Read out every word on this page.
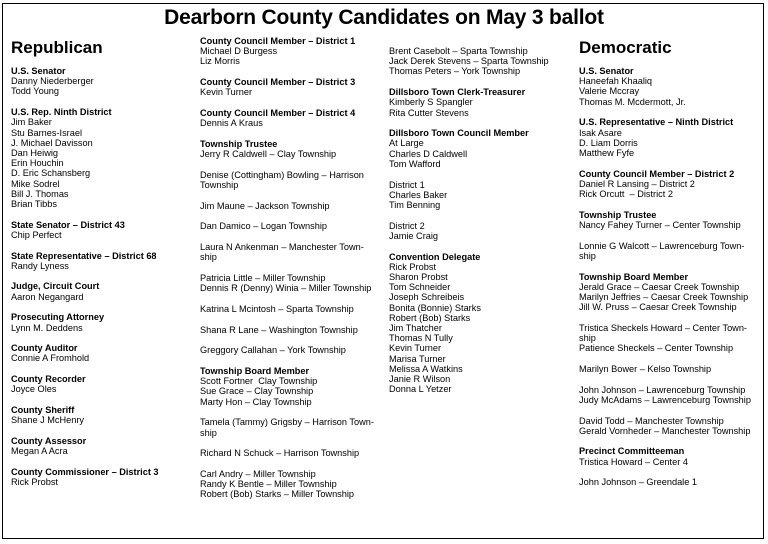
Dearborn County Candidates on May 3 ballot
Republican
U.S. Senator
Danny Niederberger
Todd Young
U.S. Rep. Ninth District
Jim Baker
Stu Barnes-Israel
J. Michael Davisson
Dan Heiwig
Erin Houchin
D. Eric Schansberg
Mike Sodrel
Bill J. Thomas
Brian Tibbs
State Senator – District 43
Chip Perfect
State Representative – District 68
Randy Lyness
Judge, Circuit Court
Aaron Negangard
Prosecuting Attorney
Lynn M. Deddens
County Auditor
Connie A Fromhold
County Recorder
Joyce Oles
County Sheriff
Shane J McHenry
County Assessor
Megan A Acra
County Commissioner – District 3
Rick Probst
County Council Member – District 1
Michael D Burgess
Liz Morris
County Council Member – District 3
Kevin Turner
County Council Member – District 4
Dennis A Kraus
Township Trustee
Jerry R Caldwell – Clay Township
Denise (Cottingham) Bowling – Harrison
Township
Jim Maune – Jackson Township
Dan Damico – Logan Township
Laura N Ankenman – Manchester Town-
ship
Patricia Little – Miller Township
Dennis R (Denny) Winia – Miller Township
Katrina L Mcintosh – Sparta Township
Shana R Lane – Washington Township
Greggory Callahan – York Township
Township Board Member
Scott Fortner  Clay Township
Sue Grace – Clay Township
Marty Hon – Clay Township
Tamela (Tammy) Grigsby – Harrison Town-
ship
Richard N Schuck – Harrison Township
Carl Andry – Miller Township
Randy K Bentle – Miller Township
Robert (Bob) Starks – Miller Township
Brent Casebolt – Sparta Township
Jack Derek Stevens – Sparta Township
Thomas Peters – York Township
Dillsboro Town Clerk-Treasurer
Kimberly S Spangler
Rita Cutter Stevens
Dillsboro Town Council Member
At Large
Charles D Caldwell
Tom Wafford
District 1
Charles Baker
Tim Benning
District 2
Jamie Craig
Convention Delegate
Rick Probst
Sharon Probst
Tom Schneider
Joseph Schreibeis
Bonita (Bonnie) Starks
Robert (Bob) Starks
Jim Thatcher
Thomas N Tully
Kevin Turner
Marisa Turner
Melissa A Watkins
Janie R Wilson
Donna L Yetzer
Democratic
U.S. Senator
Haneefah Khaaliq
Valerie Mccray
Thomas M. Mcdermott, Jr.
U.S. Representative – Ninth District
Isak Asare
D. Liam Dorris
Matthew Fyfe
County Council Member – District 2
Daniel R Lansing – District 2
Rick Orcutt  – District 2
Township Trustee
Nancy Fahey Turner – Center Township
Lonnie G Walcott – Lawrenceburg Town-
ship
Township Board Member
Jerald Grace – Caesar Creek Township
Marilyn Jeffries – Caesar Creek Township
Jill W. Pruss – Caesar Creek Township
Tristica Sheckels Howard – Center Town-
ship
Patience Sheckels – Center Township
Marilyn Bower – Kelso Township
John Johnson – Lawrenceburg Township
Judy McAdams – Lawrenceburg Township
David Todd – Manchester Township
Gerald Vornheder – Manchester Township
Precinct Committeeman
Tristica Howard – Center 4
John Johnson – Greendale 1
